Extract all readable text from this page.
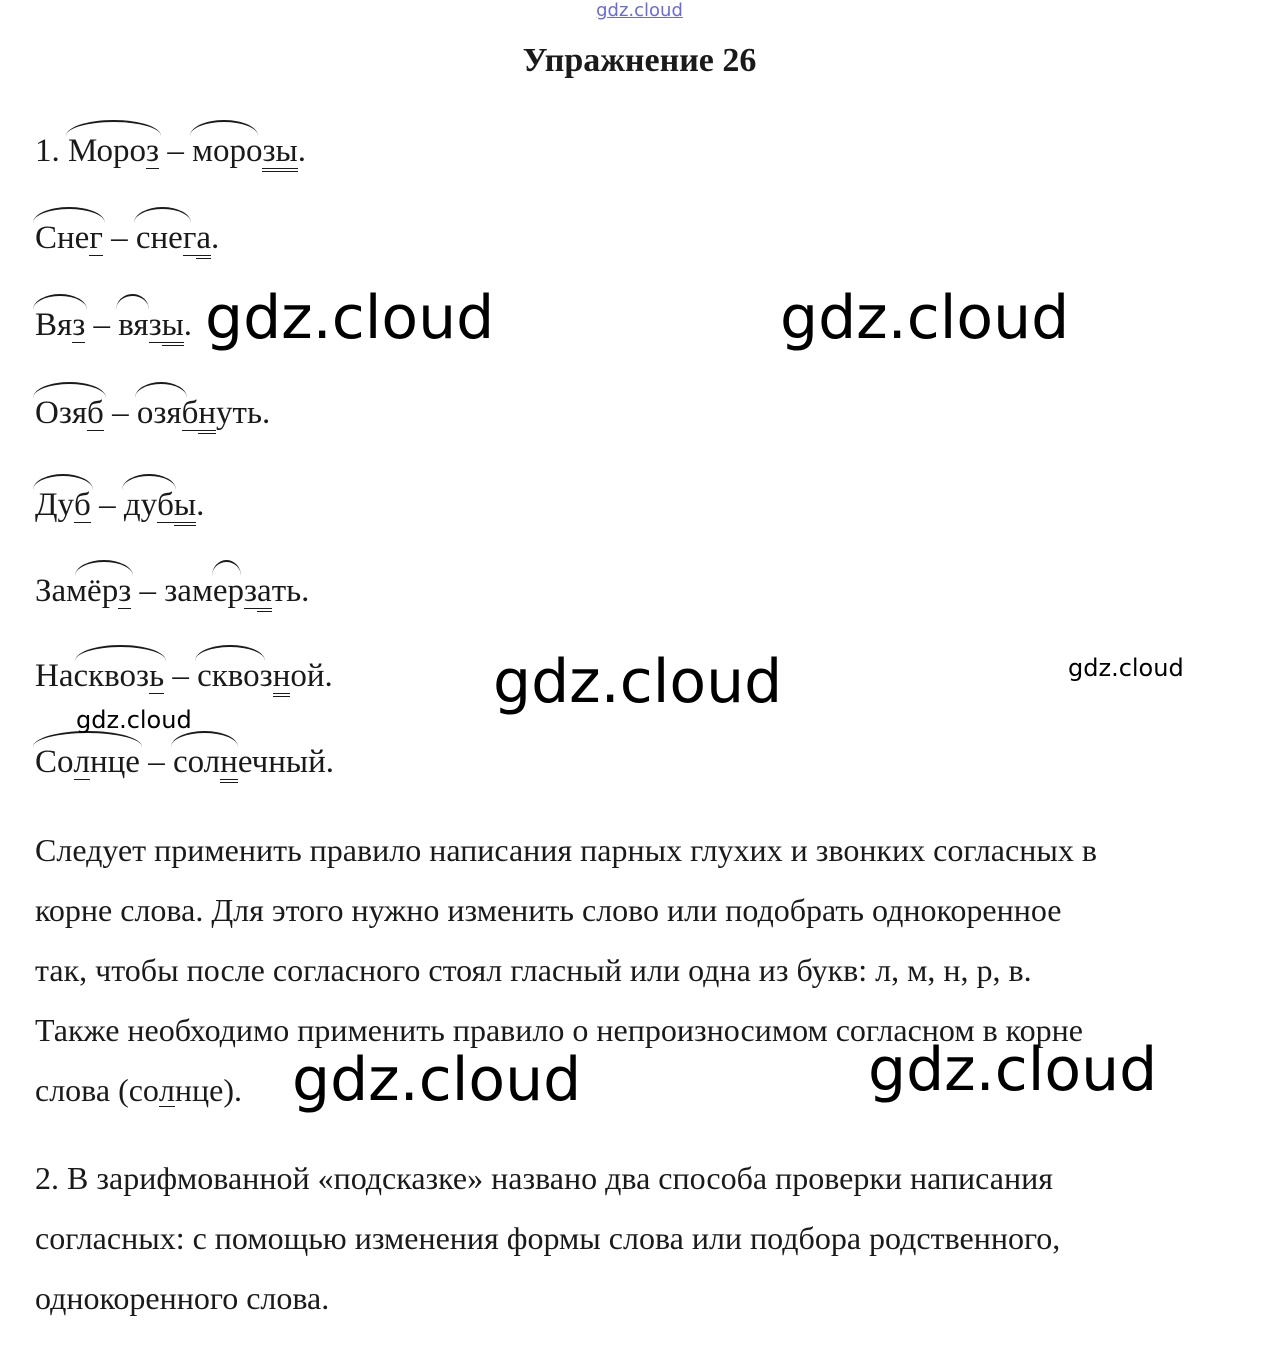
gdz.cloud
Упражнение 26
1.
Мороз –
морозы.
Снег –
снега.
Вяз –
вязы.
Озяб –
озябнуть.
Дуб –
дубы.
Замёрз –
замерзать.
Насквозь –
сквозной.
Солнце –
солнечный.
Следует применить правило написания парных глухих и звонких согласных в
корне слова. Для этого нужно изменить слово или подобрать однокоренное
так, чтобы после согласного стоял гласный или одна из букв: л, м, н, р, в.
Также необходимо применить правило о непроизносимом согласном в корне
слова (солнце).
2. В зарифмованной «подсказке» названо два способа проверки написания
согласных: с помощью изменения формы слова или подбора родственного,
однокоренного слова.
gdz.cloud	gdz.cloud
gdz.cloud	gdz.cloud
gdz.cloud
gdz.cloud	gdz.cloud
